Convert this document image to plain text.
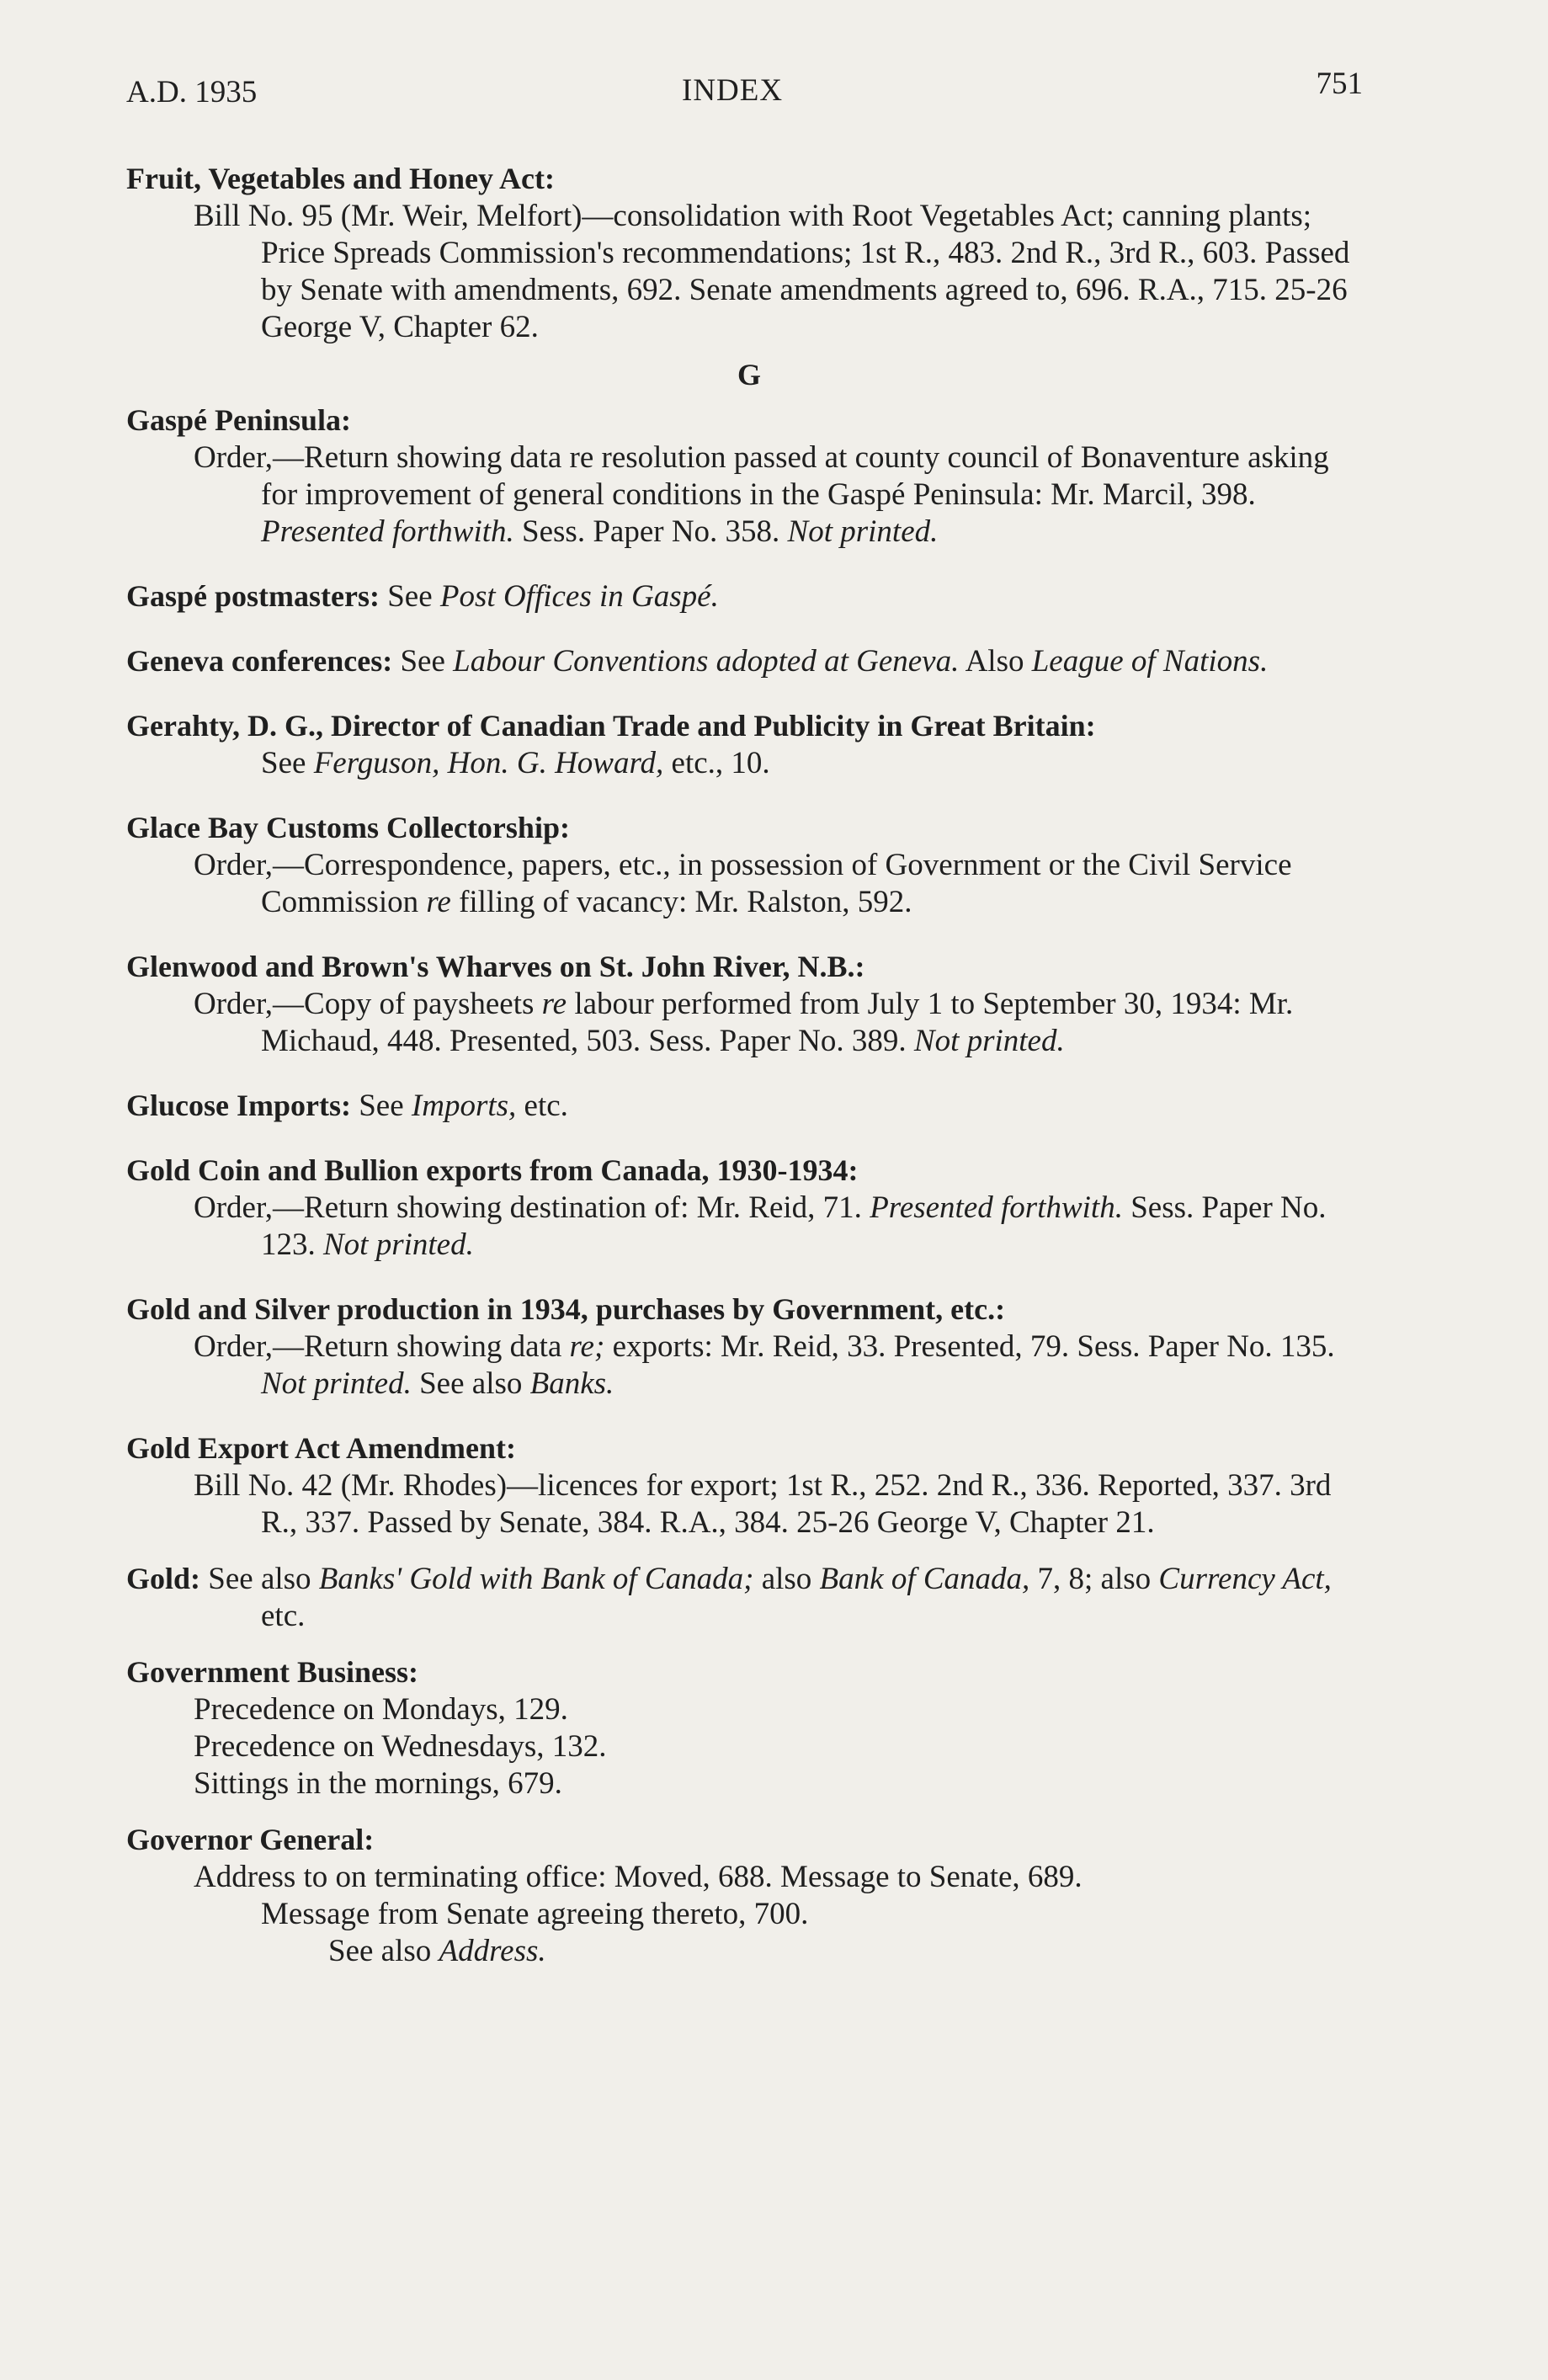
A.D. 1935	INDEX	751
Fruit, Vegetables and Honey Act:
Bill No. 95 (Mr. Weir, Melfort)—consolidation with Root Vegetables Act; canning plants; Price Spreads Commission's recommendations; 1st R., 483. 2nd R., 3rd R., 603. Passed by Senate with amendments, 692. Senate amendments agreed to, 696. R.A., 715. 25-26 George V, Chapter 62.
G
Gaspé Peninsula:
Order,—Return showing data re resolution passed at county council of Bonaventure asking for improvement of general conditions in the Gaspé Peninsula: Mr. Marcil, 398. Presented forthwith. Sess. Paper No. 358. Not printed.
Gaspé postmasters: See Post Offices in Gaspé.
Geneva conferences: See Labour Conventions adopted at Geneva. Also League of Nations.
Gerahty, D. G., Director of Canadian Trade and Publicity in Great Britain:
See Ferguson, Hon. G. Howard, etc., 10.
Glace Bay Customs Collectorship:
Order,—Correspondence, papers, etc., in possession of Government or the Civil Service Commission re filling of vacancy: Mr. Ralston, 592.
Glenwood and Brown's Wharves on St. John River, N.B.:
Order,—Copy of paysheets re labour performed from July 1 to September 30, 1934: Mr. Michaud, 448. Presented, 503. Sess. Paper No. 389. Not printed.
Glucose Imports: See Imports, etc.
Gold Coin and Bullion exports from Canada, 1930-1934:
Order,—Return showing destination of: Mr. Reid, 71. Presented forthwith. Sess. Paper No. 123. Not printed.
Gold and Silver production in 1934, purchases by Government, etc.:
Order,—Return showing data re; exports: Mr. Reid, 33. Presented, 79. Sess. Paper No. 135. Not printed. See also Banks.
Gold Export Act Amendment:
Bill No. 42 (Mr. Rhodes)—licences for export; 1st R., 252. 2nd R., 336. Reported, 337. 3rd R., 337. Passed by Senate, 384. R.A., 384. 25-26 George V, Chapter 21.
Gold: See also Banks' Gold with Bank of Canada; also Bank of Canada, 7, 8; also Currency Act, etc.
Government Business:
Precedence on Mondays, 129.
Precedence on Wednesdays, 132.
Sittings in the mornings, 679.
Governor General:
Address to on terminating office: Moved, 688. Message to Senate, 689.
Message from Senate agreeing thereto, 700.
See also Address.
